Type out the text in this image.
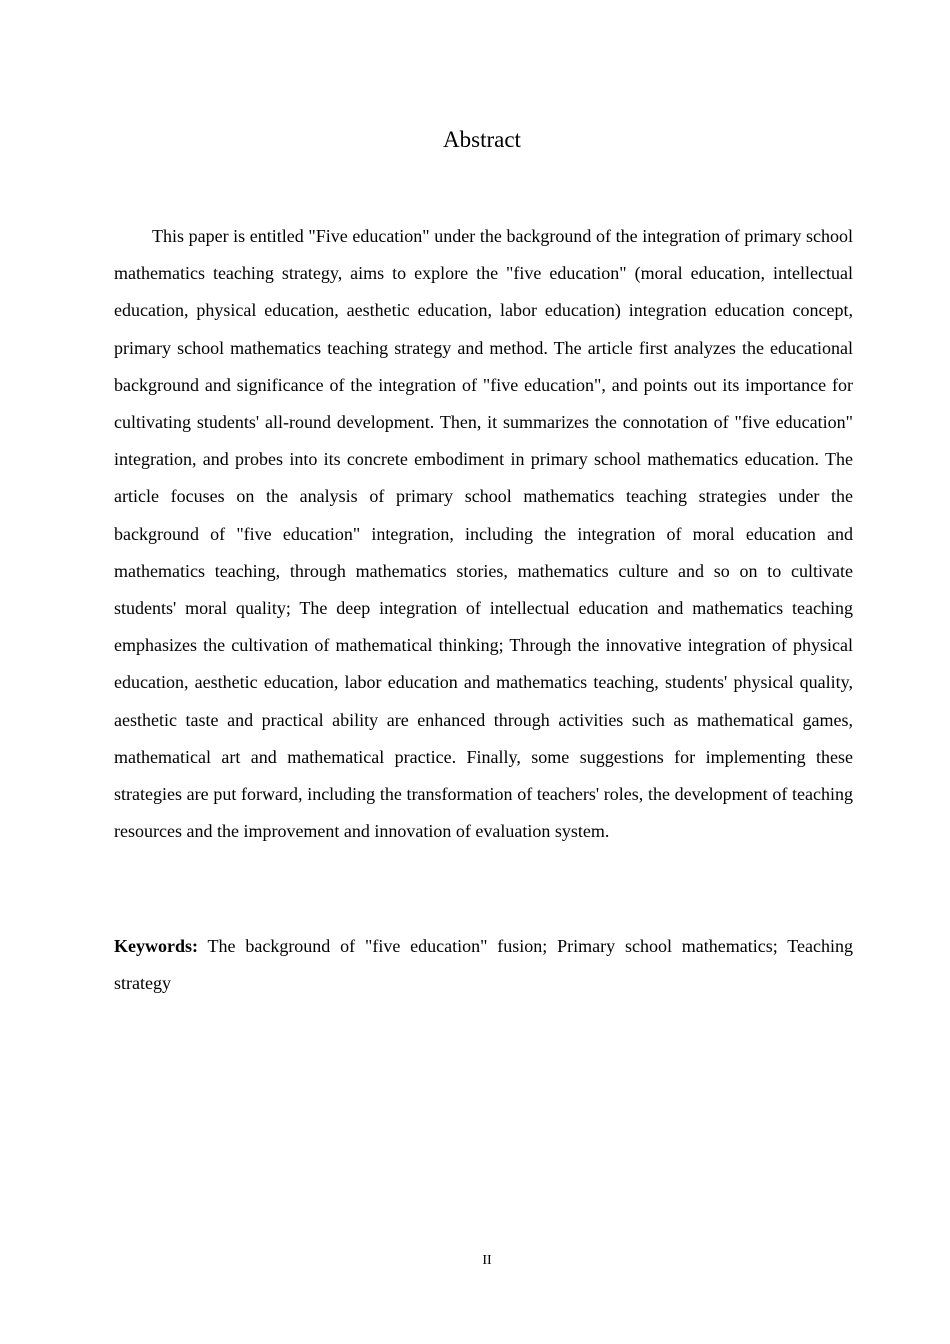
Abstract

This paper is entitled "Five education" under the background of the integration of primary school mathematics teaching strategy, aims to explore the "five education" (moral education, intellectual education, physical education, aesthetic education, labor education) integration education concept, primary school mathematics teaching strategy and method. The article first analyzes the educational background and significance of the integration of "five education", and points out its importance for cultivating students' all-round development. Then, it summarizes the connotation of "five education" integration, and probes into its concrete embodiment in primary school mathematics education. The article focuses on the analysis of primary school mathematics teaching strategies under the background of "five education" integration, including the integration of moral education and mathematics teaching, through mathematics stories, mathematics culture and so on to cultivate students' moral quality; The deep integration of intellectual education and mathematics teaching emphasizes the cultivation of mathematical thinking; Through the innovative integration of physical education, aesthetic education, labor education and mathematics teaching, students' physical quality, aesthetic taste and practical ability are enhanced through activities such as mathematical games, mathematical art and mathematical practice. Finally, some suggestions for implementing these strategies are put forward, including the transformation of teachers' roles, the development of teaching resources and the improvement and innovation of evaluation system.

Keywords: The background of "five education" fusion; Primary school mathematics; Teaching strategy

II
